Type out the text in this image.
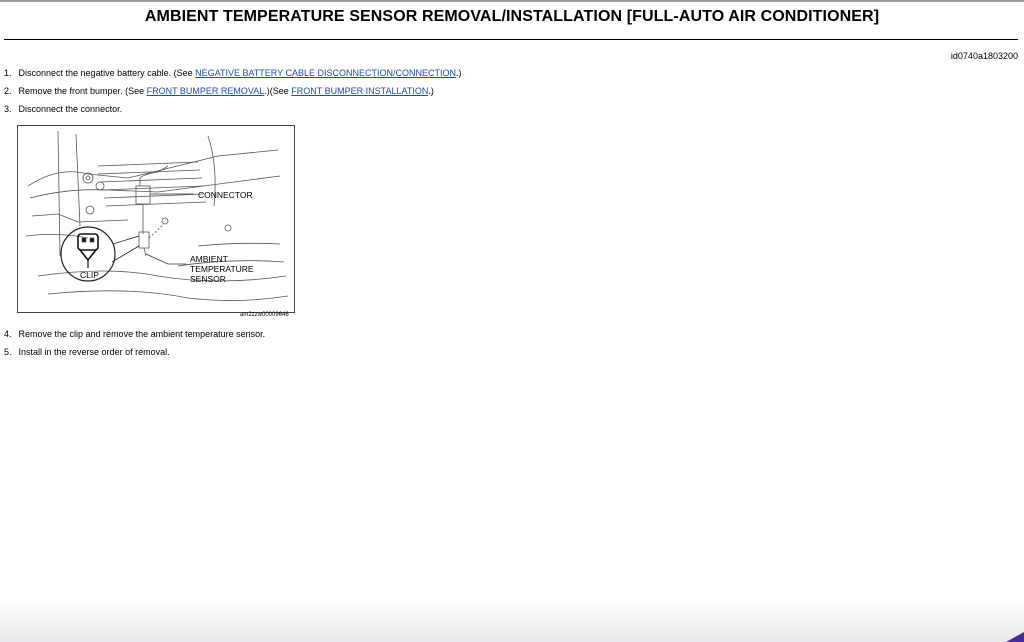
AMBIENT TEMPERATURE SENSOR REMOVAL/INSTALLATION [FULL-AUTO AIR CONDITIONER]
id0740a1803200
1. Disconnect the negative battery cable. (See NEGATIVE BATTERY CABLE DISCONNECTION/CONNECTION.)
2. Remove the front bumper. (See FRONT BUMPER REMOVAL.)(See FRONT BUMPER INSTALLATION.)
3. Disconnect the connector.
4. Remove the clip and remove the ambient temperature sensor.
5. Install in the reverse order of removal.
CONNECTOR
AMBIENT
TEMPERATURE
SENSOR
CLIP
am2zzw00009646
